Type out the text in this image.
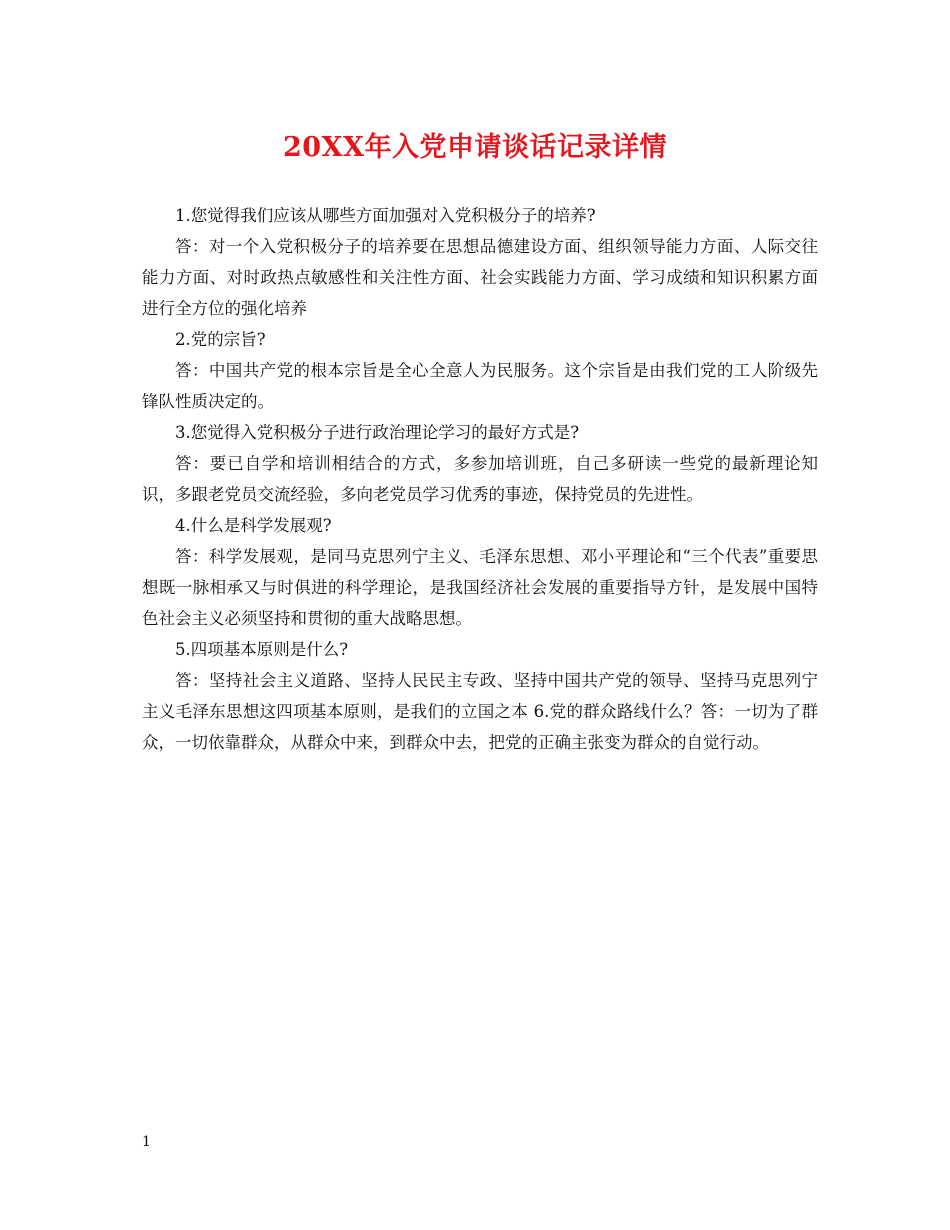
20XX年入党申请谈话记录详情

1.您觉得我们应该从哪些方面加强对入党积极分子的培养?

答：对一个入党积极分子的培养要在思想品德建设方面、组织领导能力方面、人际交往能力方面、对时政热点敏感性和关注性方面、社会实践能力方面、学习成绩和知识积累方面进行全方位的强化培养

2.党的宗旨?

答：中国共产党的根本宗旨是全心全意人为民服务。这个宗旨是由我们党的工人阶级先锋队性质决定的。

3.您觉得入党积极分子进行政治理论学习的最好方式是?

答：要已自学和培训相结合的方式，多参加培训班，自己多研读一些党的最新理论知识，多跟老党员交流经验，多向老党员学习优秀的事迹，保持党员的先进性。

4.什么是科学发展观?

答：科学发展观，是同马克思列宁主义、毛泽东思想、邓小平理论和“三个代表”重要思想既一脉相承又与时俱进的科学理论，是我国经济社会发展的重要指导方针，是发展中国特色社会主义必须坚持和贯彻的重大战略思想。

5.四项基本原则是什么?

答：坚持社会主义道路、坚持人民民主专政、坚持中国共产党的领导、坚持马克思列宁主义毛泽东思想这四项基本原则，是我们的立国之本 6.党的群众路线什么？答：一切为了群众，一切依靠群众，从群众中来，到群众中去，把党的正确主张变为群众的自觉行动。

1
